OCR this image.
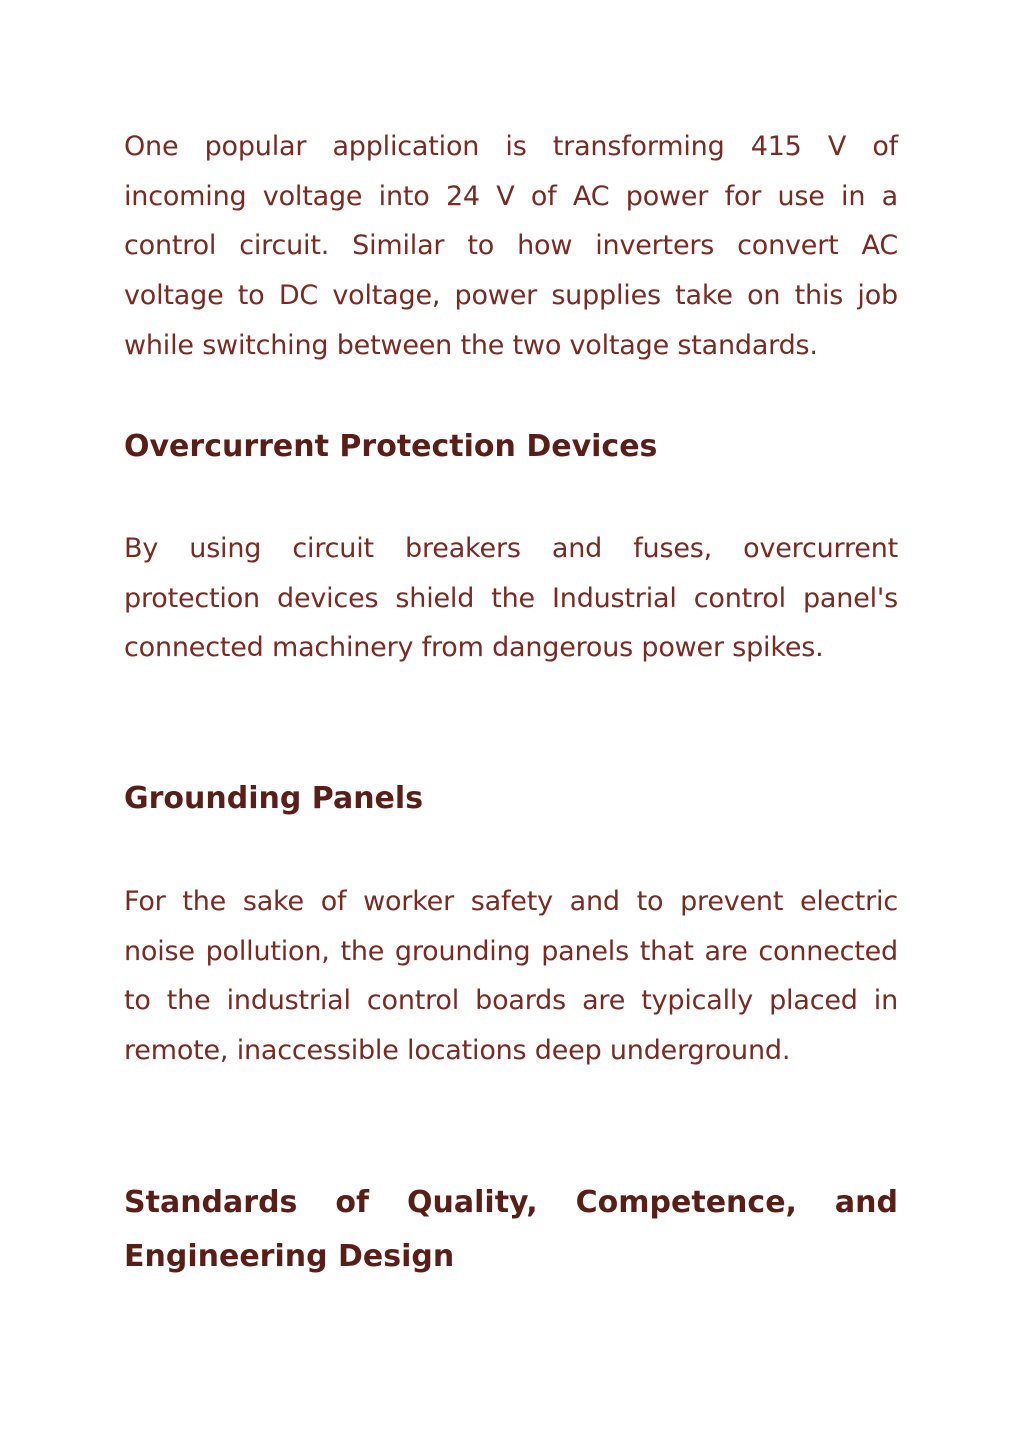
One popular application is transforming 415 V of incoming voltage into 24 V of AC power for use in a control circuit. Similar to how inverters convert AC voltage to DC voltage, power supplies take on this job while switching between the two voltage standards.

Overcurrent Protection Devices

By using circuit breakers and fuses, overcurrent protection devices shield the Industrial control panel's connected machinery from dangerous power spikes.

Grounding Panels

For the sake of worker safety and to prevent electric noise pollution, the grounding panels that are connected to the industrial control boards are typically placed in remote, inaccessible locations deep underground.

Standards of Quality, Competence, and Engineering Design
